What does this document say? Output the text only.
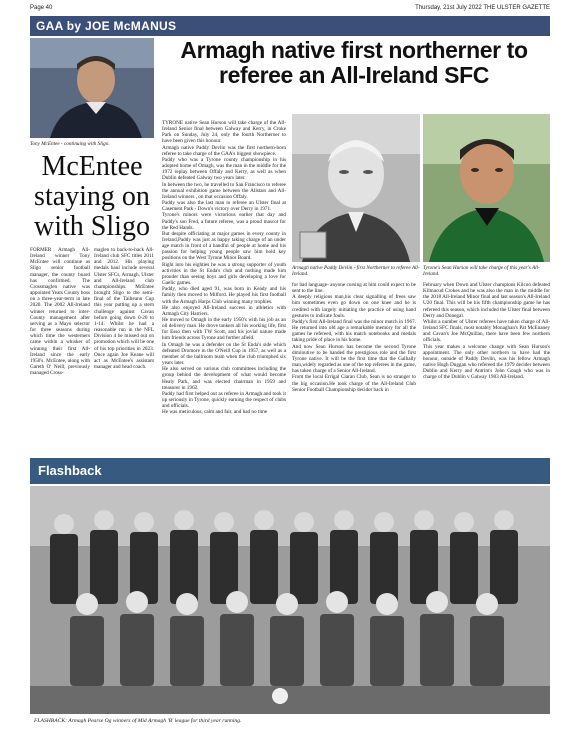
Page 40	Thursday, 21st July 2022 THE ULSTER GAZETTE
GAA by JOE McMANUS
Tony McEntee - continuing with Sligo.
McEntee staying on with Sligo
FORMER Armagh All-Ireland winner Tony McEntee will continue as Sligo senior football manager, the county board has confirmed. The Crossmaglen native was appointed Yeats County boss on a three-year-term in late 2020. The 2002 All-Ireland winner returned to inter-County management after serving as a Mayo selector for three seasons during which time the westerners came within a whisker of winning their first All-Ireland since the early 1950's. McEntee, along with Gareth O' Neill, previously managed Cross-
maglen to back-to-back All-Ireland club SFC titles 2011 and 2012. His playing medals haul include several Ulster SFCs, Armagh, Ulster and All-Ireland club championships. McEntee brought Sligo to the semi-final of the Tailteann Cup this year putting up a stern challenge against Cavan before going down 0-20 to 1-14. Whilst he had a reasonable run in the NFL Division 4 he missed out on promotion which will be one of his top priorities in 2023. Once again Joe Keane will act as McEntee's assistant manager and head coach.
Armagh native first northerner to referee an All-Ireland SFC

TYRONE native Sean Hurson will take charge of the All-Ireland Senior final between Galway and Kerry, in Croke Park on Sunday, July 24, only the fourth Northerner to have been given this honour.

Armagh native Paddy Devlin was the first northern-born referee to take charge of the GAA's biggest showpiece.

Paddy who was a Tyrone county championship in his adopted home of Omagh, was the man in the middle for the 1972 replay between Offaly and Kerry, as well as when Dublin defeated Galway two years later.

In between the two, he travelled to San Francisco to referee the annual exhibition game between the Allstars and All-Ireland winners , on that occasion Offaly.

Paddy was also the last man to referee an Ulster final at Casement Park - Down's victory over Derry in 1971.

Tyrone's minors were victorious earlier that day and Paddy's son Fred, a future referee, was a proud mascot for the Red Hands.

But despite officiating at major games in every county in Ireland,Paddy was just as happy taking charge of an under age match in front of a handful of people at home and his passion for helping young people saw him hold key positions on the West Tyrone Minor Board.

Right into his eighties he was a strong supporter of youth activities in the St Enda's club and nothing made him prouder than seeing boys and girls developing a love for Gaelic games.

Paddy, who died aged 91, was born in Keady and his family then moved to Milford. He played his first football with the Armagh Harps Club winning many trophies.

He also enjoyed All-Ireland success in athletics with Armagh City Harriers.

He moved to Omagh in the early 1950's with his job as an oil delivery man. He drove tankers all his working life, first for Esso then with TW Scott, and his jovial nature made him friends across Tyrone and further afield.

In Omagh he was a defender on the St Enda's side which defeated Dromore in the O'Neill Cup in 1957, as well as a member of the ballroom team when the club triumphed six years later.

He also served on various club committees including the group behind the development of what would become Healy Park, and was elected chairman in 1959 and treasurer in 1962.

Paddy had first helped out as referee in Armagh and took it up seriously in Tyrone, quickly earning the respect of clubs and officials.

He was meticulous, calm and fair, and had no time

Armagh native Paddy Devlin - first Northerner to referee All-Ireland.
Tyrone's Sean Hurson will take charge of this year's All-Ireland.

for bad language- anyone cursing at him could expect to be sent to the line.

A deeply religious man,his clear signalling of frees saw him sometimes even go down on one knee and he is credited with largely initiating the practice of using hand gestures to indicate fouls.

Paddy's first All-Ireland final was the minor match in 1967. He returned into old age a remarkable memory for all the games he refereed, with his match notebooks and medals taking pride of place in his home.

And now Sean Hurson has become the second Tyrone diminutive to be handed the prestigious role and the first Tyrone native. It will be the first time that the Galbally man,widely regarded as one of the top referees in the game, has taken charge of a Senior All-Ireland.

From the local Errigal Ciaran Club, Sean is no stranger to the big occasion.He took charge of the All-Ireland Club Senior Football Championship decider back in

February when Down and Ulster champions Kilcoo defeated Kilmacud Crokes and he was also the man in the middle for the 2018 All-Ireland Minor final and last season's All-Ireland U20 final. This will be his fifth championship game he has refereed this season, which included the Ulster final between Derry and Donegal.

Whilst a number of Ulster referees have taken charge of All-Ireland SFC finals, most notably Monaghan's Pat McEnaney and Cavan's Joe McQuillan, there have been few northern officials.

This year makes a welcome change with Sean Hurson's appointment. The only other northern to have had the honour, outside of Paddy Devlin, was his fellow Armagh native Hugh Duggan who refereed the 1979 decider between Dublin and Kerry and Antrim's John Gough who was in charge of the Dublin v Galway 1983 All-Ireland.

Flashback
FLASHBACK: Armagh Pearse Og winners of Mid Armagh 'B' league for third year running.
